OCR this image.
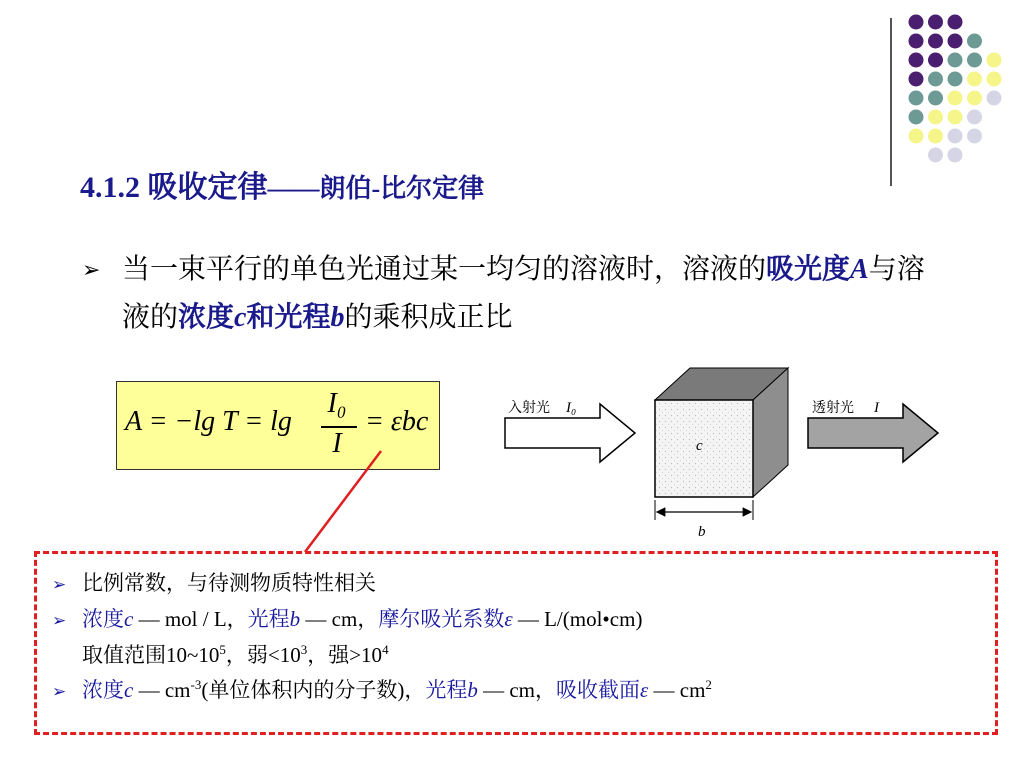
4.1.2 吸收定律——朗伯-比尔定律
➢ 当一束平行的单色光通过某一均匀的溶液时，溶液的吸光度A与溶液的浓度c和光程b的乘积成正比
A = −lg T = lg
I₀
I
= εbc	入射光 I₀
c
b
透射光 I
➢ 比例常数，与待测物质特性相关
➢ 浓度c — mol / L，光程b — cm，摩尔吸光系数ε — L/(mol•cm)
取值范围$10\sim 10^5$，弱$<10^3$，强$>10^4$
➢ 浓度c — $cm^{-3}$(单位体积内的分子数)，光程b — cm，吸收截面ε — $cm^2$
